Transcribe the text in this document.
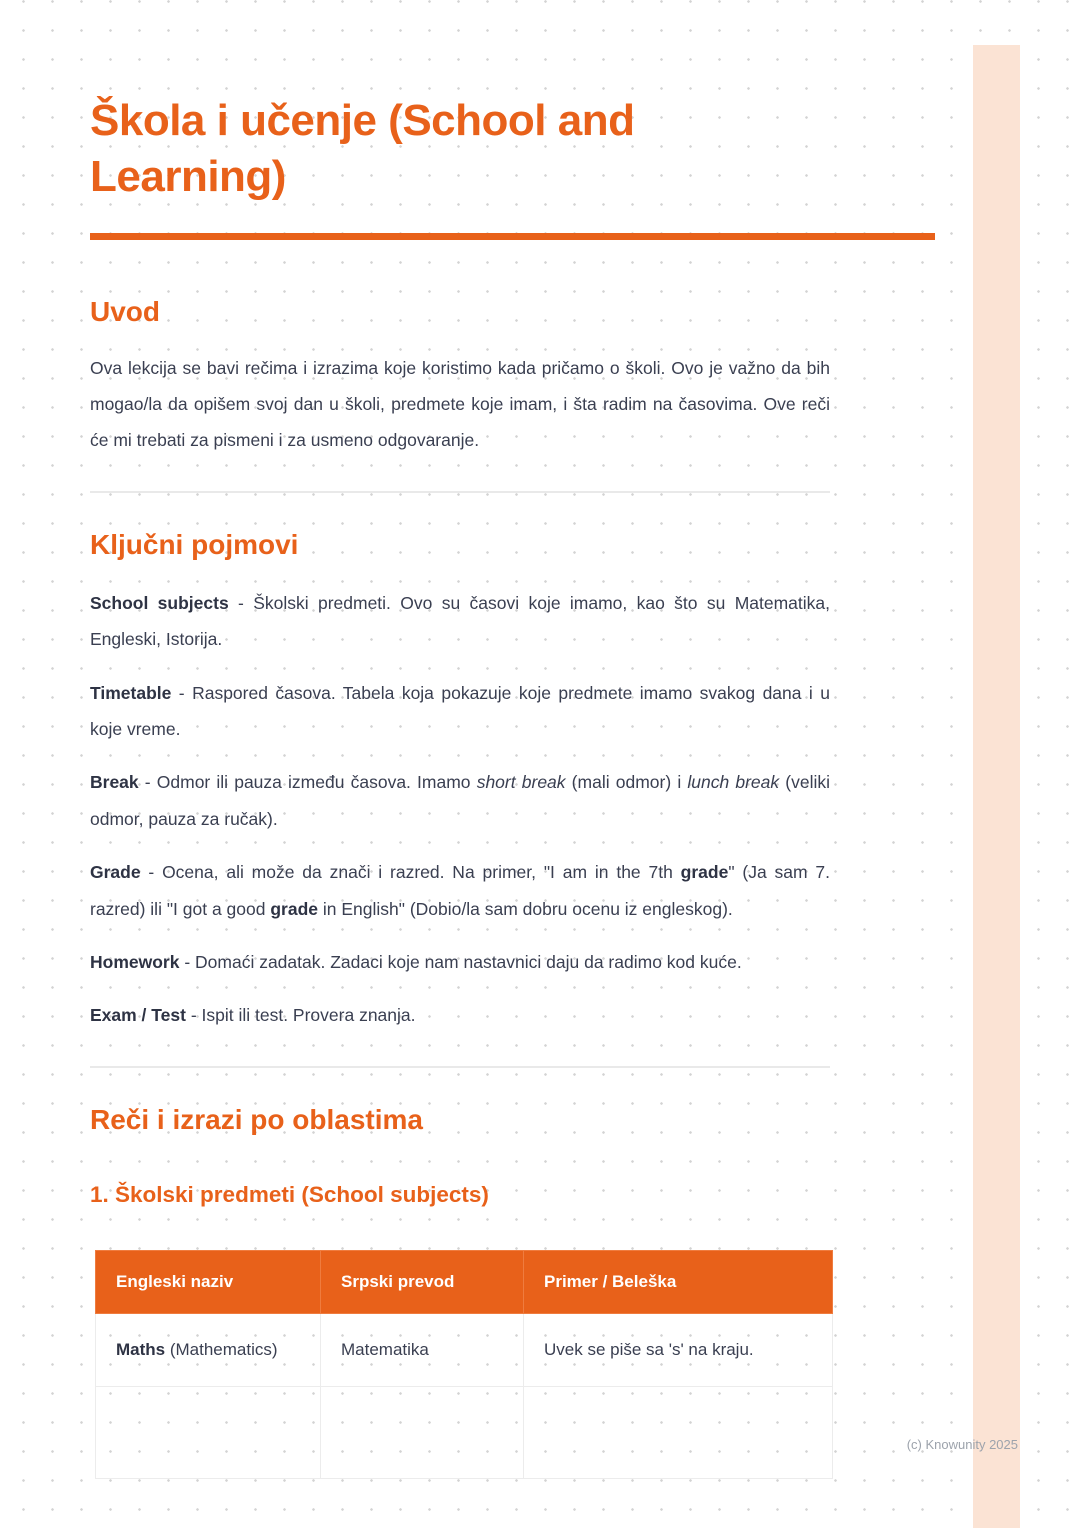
Škola i učenje (School and Learning)
Uvod

Ova lekcija se bavi rečima i izrazima koje koristimo kada pričamo o školi. Ovo je važno da bih mogao/la da opišem svoj dan u školi, predmete koje imam, i šta radim na časovima. Ove reči će mi trebati za pismeni i za usmeno odgovaranje.

Ključni pojmovi

School subjects - Školski predmeti. Ovo su časovi koje imamo, kao što su Matematika, Engleski, Istorija.

Timetable - Raspored časova. Tabela koja pokazuje koje predmete imamo svakog dana i u koje vreme.

Break - Odmor ili pauza između časova. Imamo short break (mali odmor) i lunch break (veliki odmor, pauza za ručak).

Grade - Ocena, ali može da znači i razred. Na primer, "I am in the 7th grade" (Ja sam 7. razred) ili "I got a good grade in English" (Dobio/la sam dobru ocenu iz engleskog).

Homework - Domaći zadatak. Zadaci koje nam nastavnici daju da radimo kod kuće.

Exam / Test - Ispit ili test. Provera znanja.

Reči i izrazi po oblastima
1. Školski predmeti (School subjects)
Engleski naziv	Srpski prevod	Primer / Beleška
Maths (Mathematics)	Matematika	Uvek se piše sa 's' na kraju.

(c) Knowunity 2025
